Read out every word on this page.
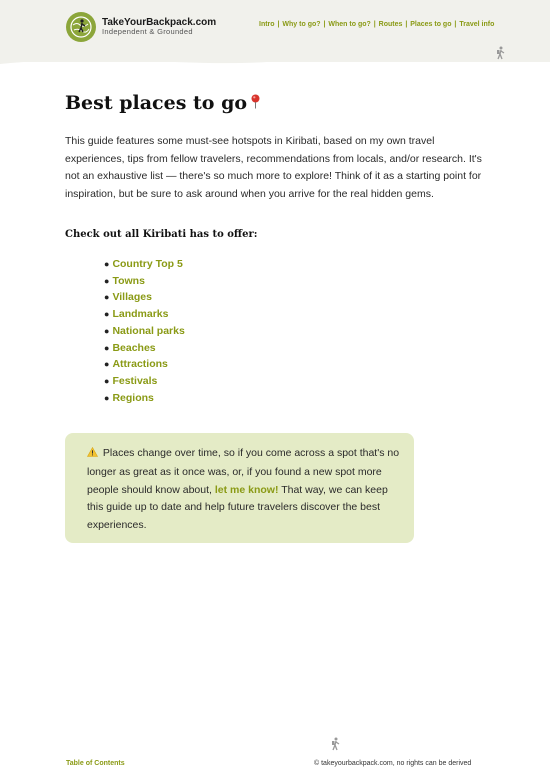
TakeYourBackpack.com
Independent & Grounded
Intro | Why to go? | When to go? | Routes | Places to go | Travel info
Best places to go

This guide features some must-see hotspots in Kiribati, based on my own travel experiences, tips from fellow travelers, recommendations from locals, and/or research. It's not an exhaustive list — there's so much more to explore! Think of it as a starting point for inspiration, but be sure to ask around when you arrive for the real hidden gems.

Check out all Kiribati has to offer:
● Country Top 5
● Towns
● Villages
● Landmarks
● National parks
● Beaches
● Attractions
● Festivals
● Regions
Places change over time, so if you come across a spot that's no longer as great as it once was, or, if you found a new spot more people should know about, let me know! That way, we can keep this guide up to date and help future travelers discover the best experiences.
Table of Contents	© takeyourbackpack.com, no rights can be derived
